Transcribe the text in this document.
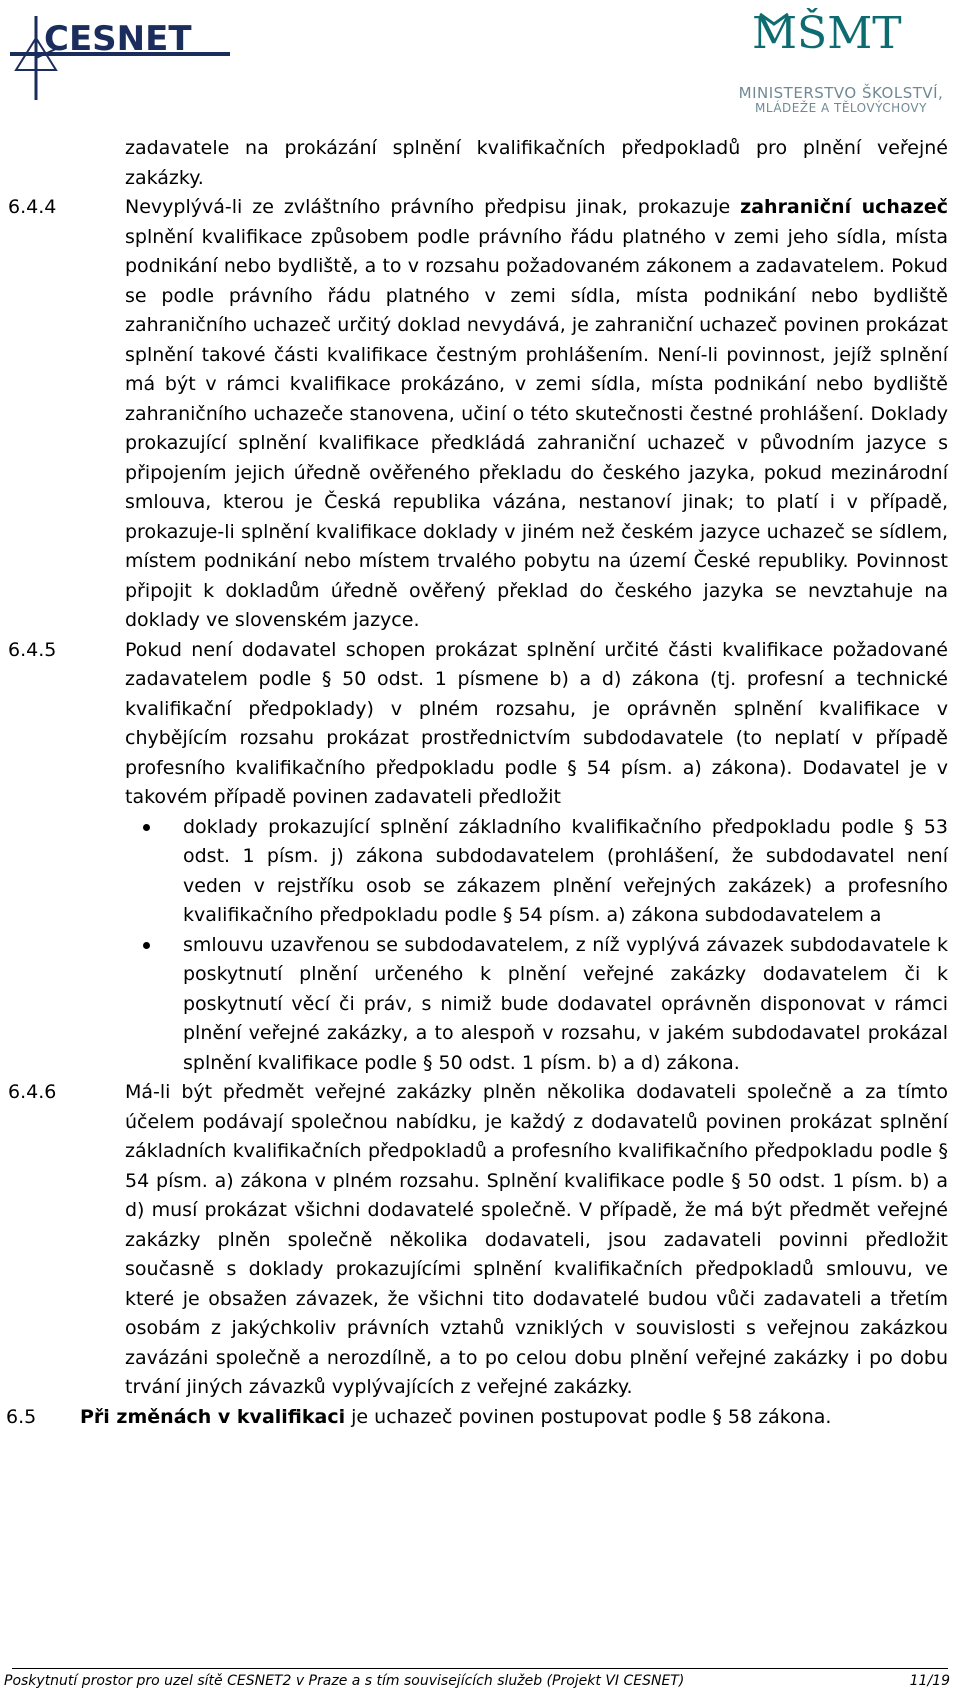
CESNET	MŠMT
MINISTERSTVO ŠKOLSTVÍ,
MLÁDEŽE A TĚLOVÝCHOVY
zadavatele na prokázání splnění kvalifikačních předpokladů pro plnění veřejné zakázky.
6.4.4	Nevyplývá-li ze zvláštního právního předpisu jinak, prokazuje zahraniční uchazeč splnění kvalifikace způsobem podle právního řádu platného v zemi jeho sídla, místa podnikání nebo bydliště, a to v rozsahu požadovaném zákonem a zadavatelem. Pokud se podle právního řádu platného v zemi sídla, místa podnikání nebo bydliště zahraničního uchazeč určitý doklad nevydává, je zahraniční uchazeč povinen prokázat splnění takové části kvalifikace čestným prohlášením. Není-li povinnost, jejíž splnění má být v rámci kvalifikace prokázáno, v zemi sídla, místa podnikání nebo bydliště zahraničního uchazeče stanovena, učiní o této skutečnosti čestné prohlášení. Doklady prokazující splnění kvalifikace předkládá zahraniční uchazeč v původním jazyce s připojením jejich úředně ověřeného překladu do českého jazyka, pokud mezinárodní smlouva, kterou je Česká republika vázána, nestanoví jinak; to platí i v případě, prokazuje-li splnění kvalifikace doklady v jiném než českém jazyce uchazeč se sídlem, místem podnikání nebo místem trvalého pobytu na území České republiky. Povinnost připojit k dokladům úředně ověřený překlad do českého jazyka se nevztahuje na doklady ve slovenském jazyce.
6.4.5	Pokud není dodavatel schopen prokázat splnění určité části kvalifikace požadované zadavatelem podle § 50 odst. 1 písmene b) a d) zákona (tj. profesní a technické kvalifikační předpoklady) v plném rozsahu, je oprávněn splnění kvalifikace v chybějícím rozsahu prokázat prostřednictvím subdodavatele (to neplatí v případě profesního kvalifikačního předpokladu podle § 54 písm. a) zákona). Dodavatel je v takovém případě povinen zadavateli předložit
doklady prokazující splnění základního kvalifikačního předpokladu podle § 53 odst. 1 písm. j) zákona subdodavatelem (prohlášení, že subdodavatel není veden v rejstříku osob se zákazem plnění veřejných zakázek) a profesního kvalifikačního předpokladu podle § 54 písm. a) zákona subdodavatelem a
smlouvu uzavřenou se subdodavatelem, z níž vyplývá závazek subdodavatele k poskytnutí plnění určeného k plnění veřejné zakázky dodavatelem či k poskytnutí věcí či práv, s nimiž bude dodavatel oprávněn disponovat v rámci plnění veřejné zakázky, a to alespoň v rozsahu, v jakém subdodavatel prokázal splnění kvalifikace podle § 50 odst. 1 písm. b) a d) zákona.
6.4.6	Má-li být předmět veřejné zakázky plněn několika dodavateli společně a za tímto účelem podávají společnou nabídku, je každý z dodavatelů povinen prokázat splnění základních kvalifikačních předpokladů a profesního kvalifikačního předpokladu podle § 54 písm. a) zákona v plném rozsahu. Splnění kvalifikace podle § 50 odst. 1 písm. b) a d) musí prokázat všichni dodavatelé společně. V případě, že má být předmět veřejné zakázky plněn společně několika dodavateli, jsou zadavateli povinni předložit současně s doklady prokazujícími splnění kvalifikačních předpokladů smlouvu, ve které je obsažen závazek, že všichni tito dodavatelé budou vůči zadavateli a třetím osobám z jakýchkoliv právních vztahů vzniklých v souvislosti s veřejnou zakázkou zavázáni společně a nerozdílně, a to po celou dobu plnění veřejné zakázky i po dobu trvání jiných závazků vyplývajících z veřejné zakázky.
6.5 Při změnách v kvalifikaci je uchazeč povinen postupovat podle § 58 zákona.
Poskytnutí prostor pro uzel sítě CESNET2 v Praze a s tím souvisejících služeb (Projekt VI CESNET)	11/19
